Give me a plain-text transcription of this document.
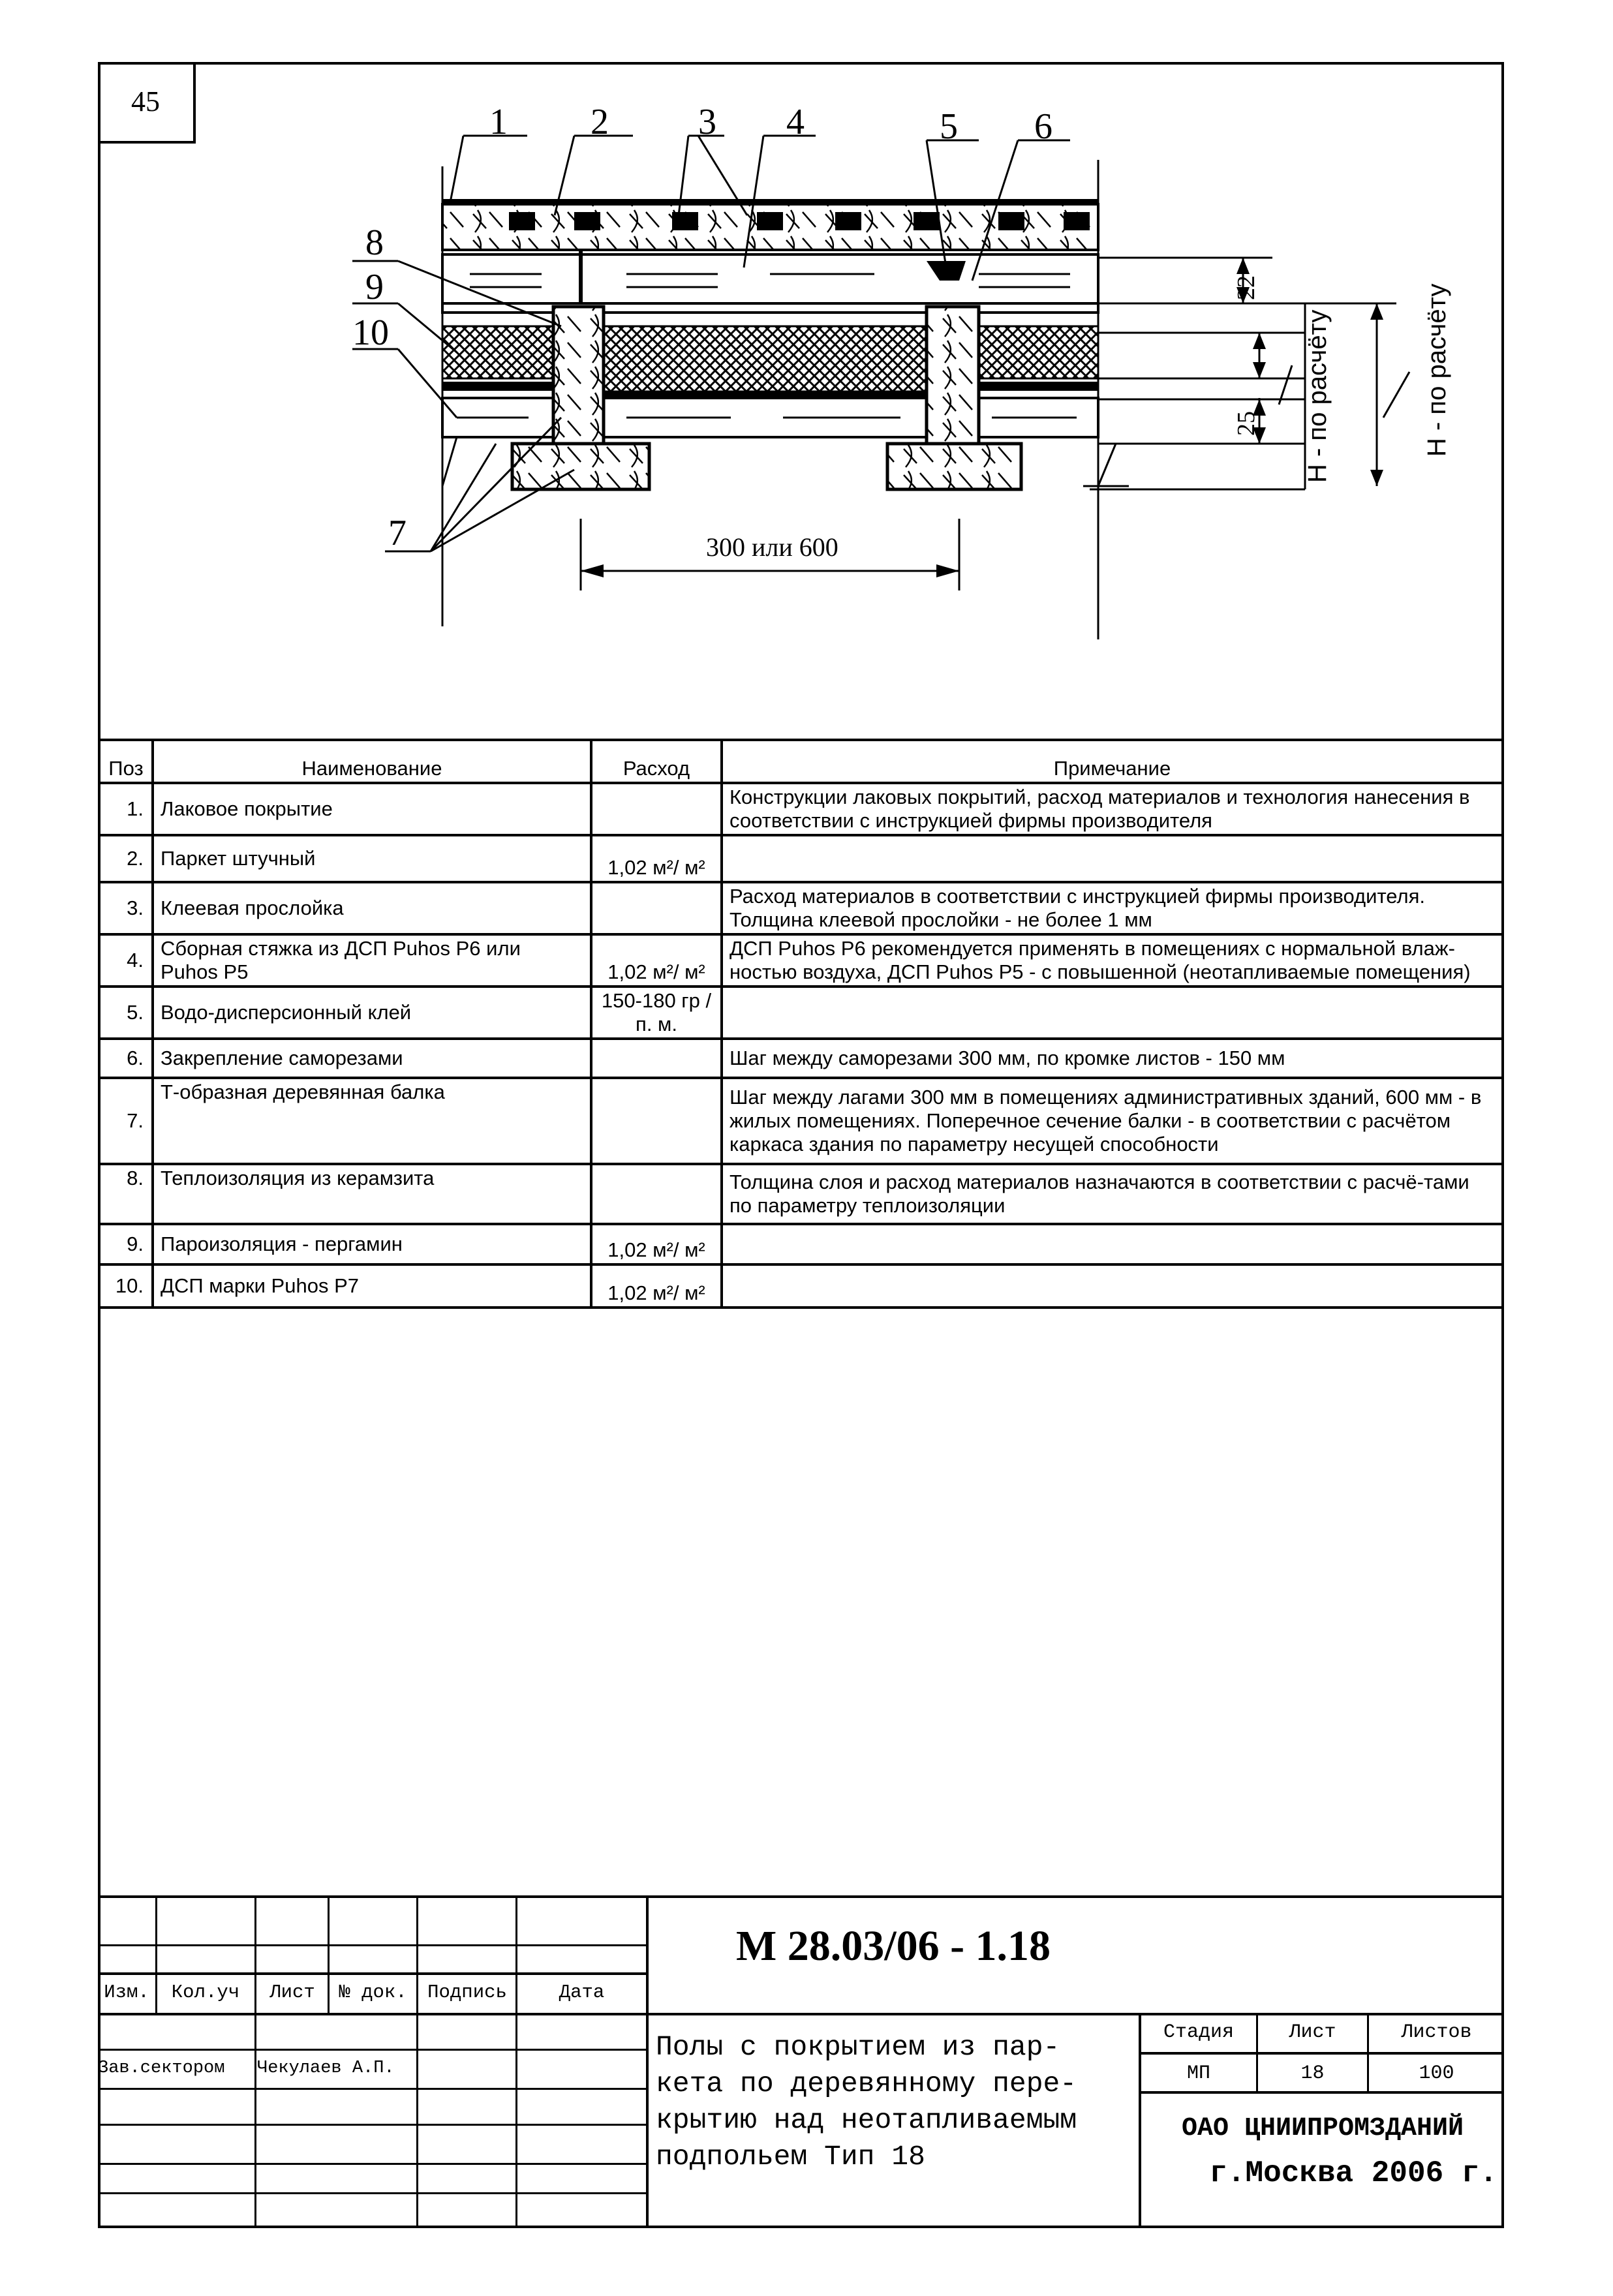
45
1 2 3 4	5 6
8
9
10
7	300 или 600
22
25 Н - по расчёту	Н - по расчёту
Поз	Наименование	Расход	Примечание
1.	Лаковое покрытие		Конструкции лаковых покрытий, расход материалов и технология нанесения в соответствии с инструкцией фирмы производителя
2.	Паркет штучный	1,02 м²/ м²	
3.	Клеевая прослойка		Расход материалов в соответствии с инструкцией фирмы производителя. Толщина клеевой прослойки - не более 1 мм
4.	Сборная стяжка из ДСП Puhos P6 или Puhos P5	1,02 м²/ м²	ДСП Puhos P6 рекомендуется применять в помещениях с нормальной влаж-ностью воздуха, ДСП Puhos P5 - с повышенной (неотапливаемые помещения)
5.	Водо-дисперсионный клей	150-180 гр /п. м.	
6.	Закрепление саморезами		Шаг между саморезами 300 мм, по кромке листов - 150 мм
7.	Т-образная деревянная балка		Шаг между лагами 300 мм в помещениях административных зданий, 600 мм - в жилых помещениях. Поперечное сечение балки - в соответствии с расчётом каркаса здания по параметру несущей способности
8.	Теплоизоляция из керамзита		Толщина слоя и расход материалов назначаются в соответствии с расчё-тами по параметру теплоизоляции
9.	Пароизоляция - пергамин	1,02 м²/ м²	
10.	ДСП марки Puhos P7	1,02 м²/ м²	
М 28.03/06 - 1.18
Изм.	Кол.уч	Лист	№ док.	Подпись	Дата
Зав.сектором	Чекулаев А.П.
Полы с покрытием из пар-
кета по деревянному пере-
крытию над неотапливаемым
подпольем Тип 18
Стадия	Лист	Листов
МП	18	100
ОАО ЦНИИПРОМЗДАНИЙ
г.Москва 2006 г.
